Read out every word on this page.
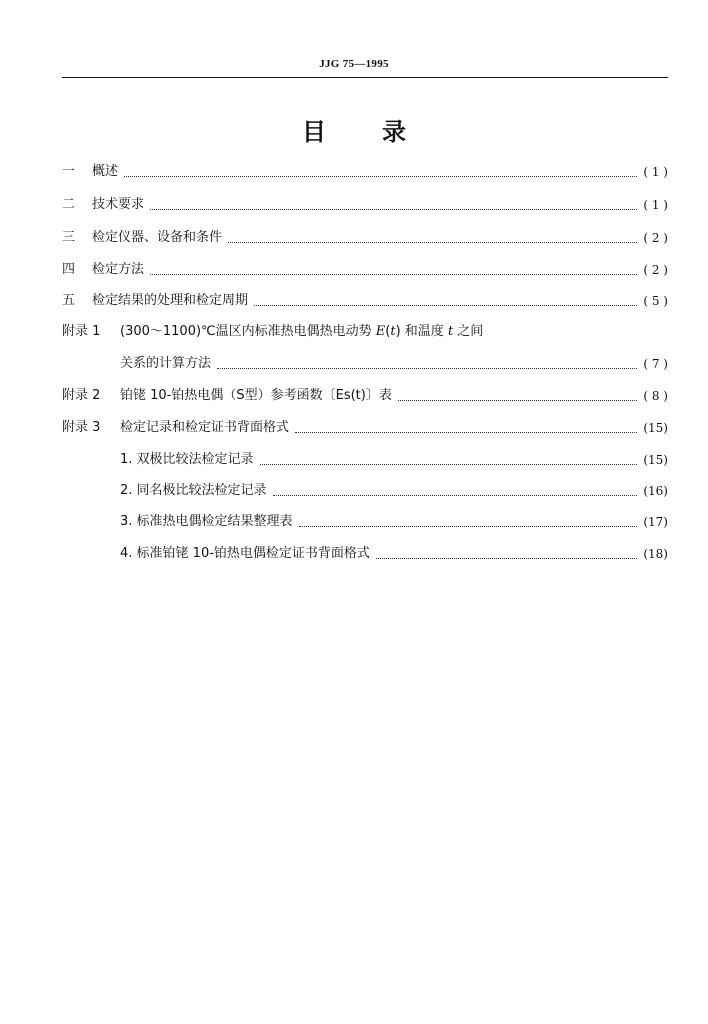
JJG 75—1995
目 录
一	概述	( 1 )
二	技术要求	( 1 )
三	检定仪器、设备和条件	( 2 )
四	检定方法	( 2 )
五	检定结果的处理和检定周期	( 5 )
附录 1	(300～1100)℃温区内标准热电偶热电动势 E(t) 和温度 t 之间
关系的计算方法	( 7 )
附录 2	铂铑 10-铂热电偶（S型）参考函数〔Es(t)〕表	( 8 )
附录 3	检定记录和检定证书背面格式	(15)
1. 双极比较法检定记录	(15)
2. 同名极比较法检定记录	(16)
3. 标准热电偶检定结果整理表	(17)
4. 标准铂铑 10-铂热电偶检定证书背面格式	(18)
